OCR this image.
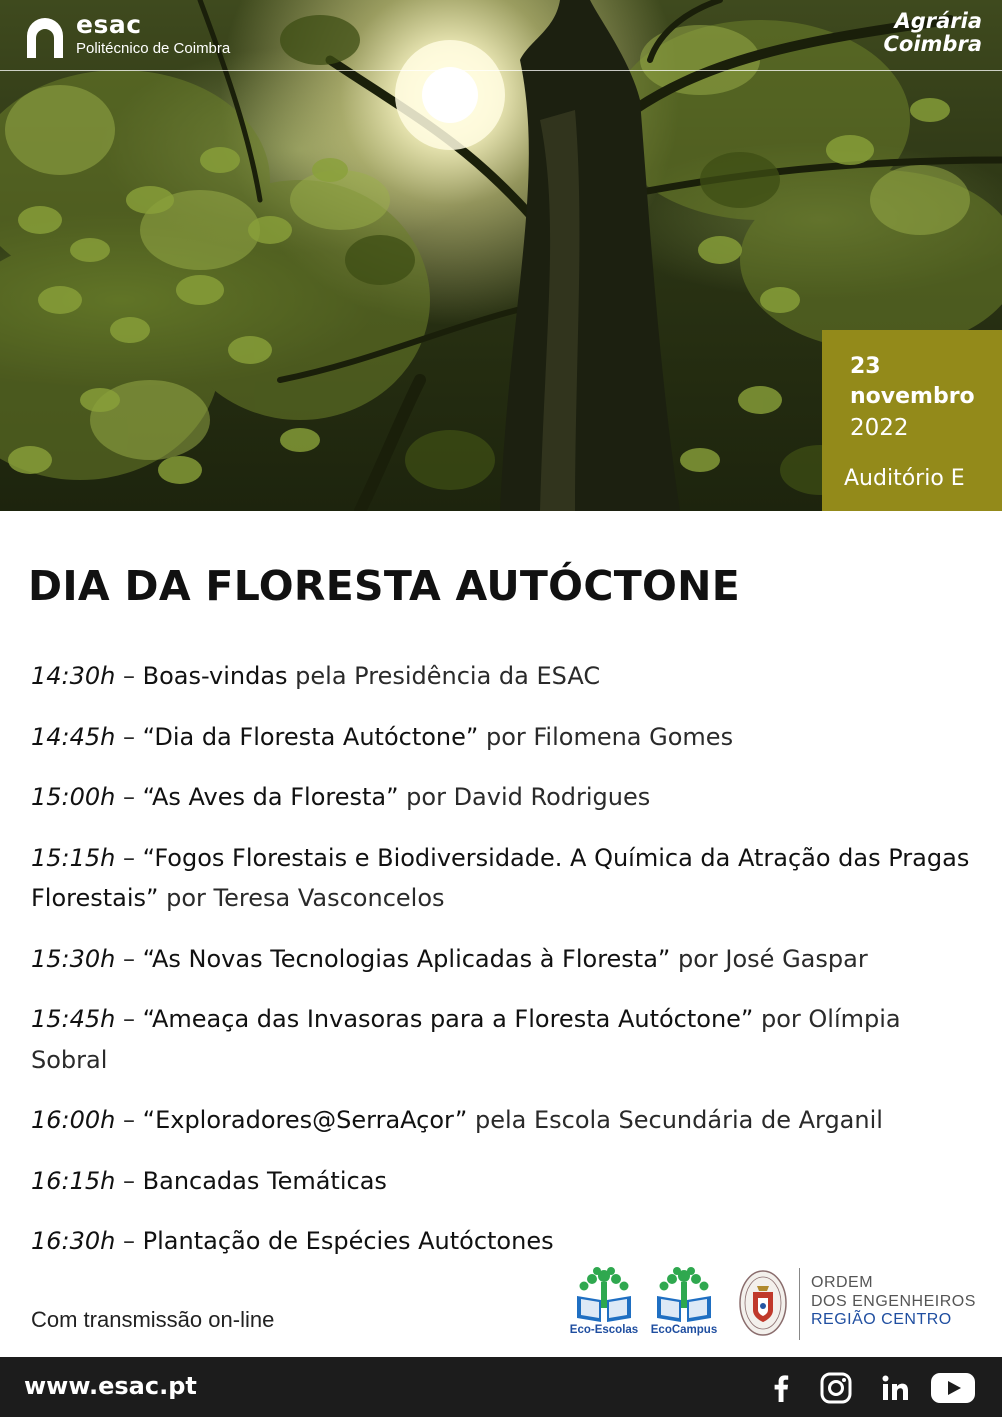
esac
Politécnico de Coimbra
Agrária
Coimbra
23
novembro
2022
Auditório E
DIA DA FLORESTA AUTÓCTONE
14:30h – Boas-vindas pela Presidência da ESAC
14:45h – “Dia da Floresta Autóctone” por Filomena Gomes
15:00h – “As Aves da Floresta” por David Rodrigues
15:15h – “Fogos Florestais e Biodiversidade. A Química da Atração das Pragas Florestais” por Teresa Vasconcelos
15:30h – “As Novas Tecnologias Aplicadas à Floresta” por José Gaspar
15:45h – “Ameaça das Invasoras para a Floresta Autóctone” por Olímpia Sobral
16:00h – “Exploradores@SerraAçor” pela Escola Secundária de Arganil
16:15h – Bancadas Temáticas
16:30h – Plantação de Espécies Autóctones
Com transmissão on-line	Eco-Escolas	EcoCampus
ORDEM
DOS ENGENHEIROS
REGIÃO CENTRO
www.esac.pt
